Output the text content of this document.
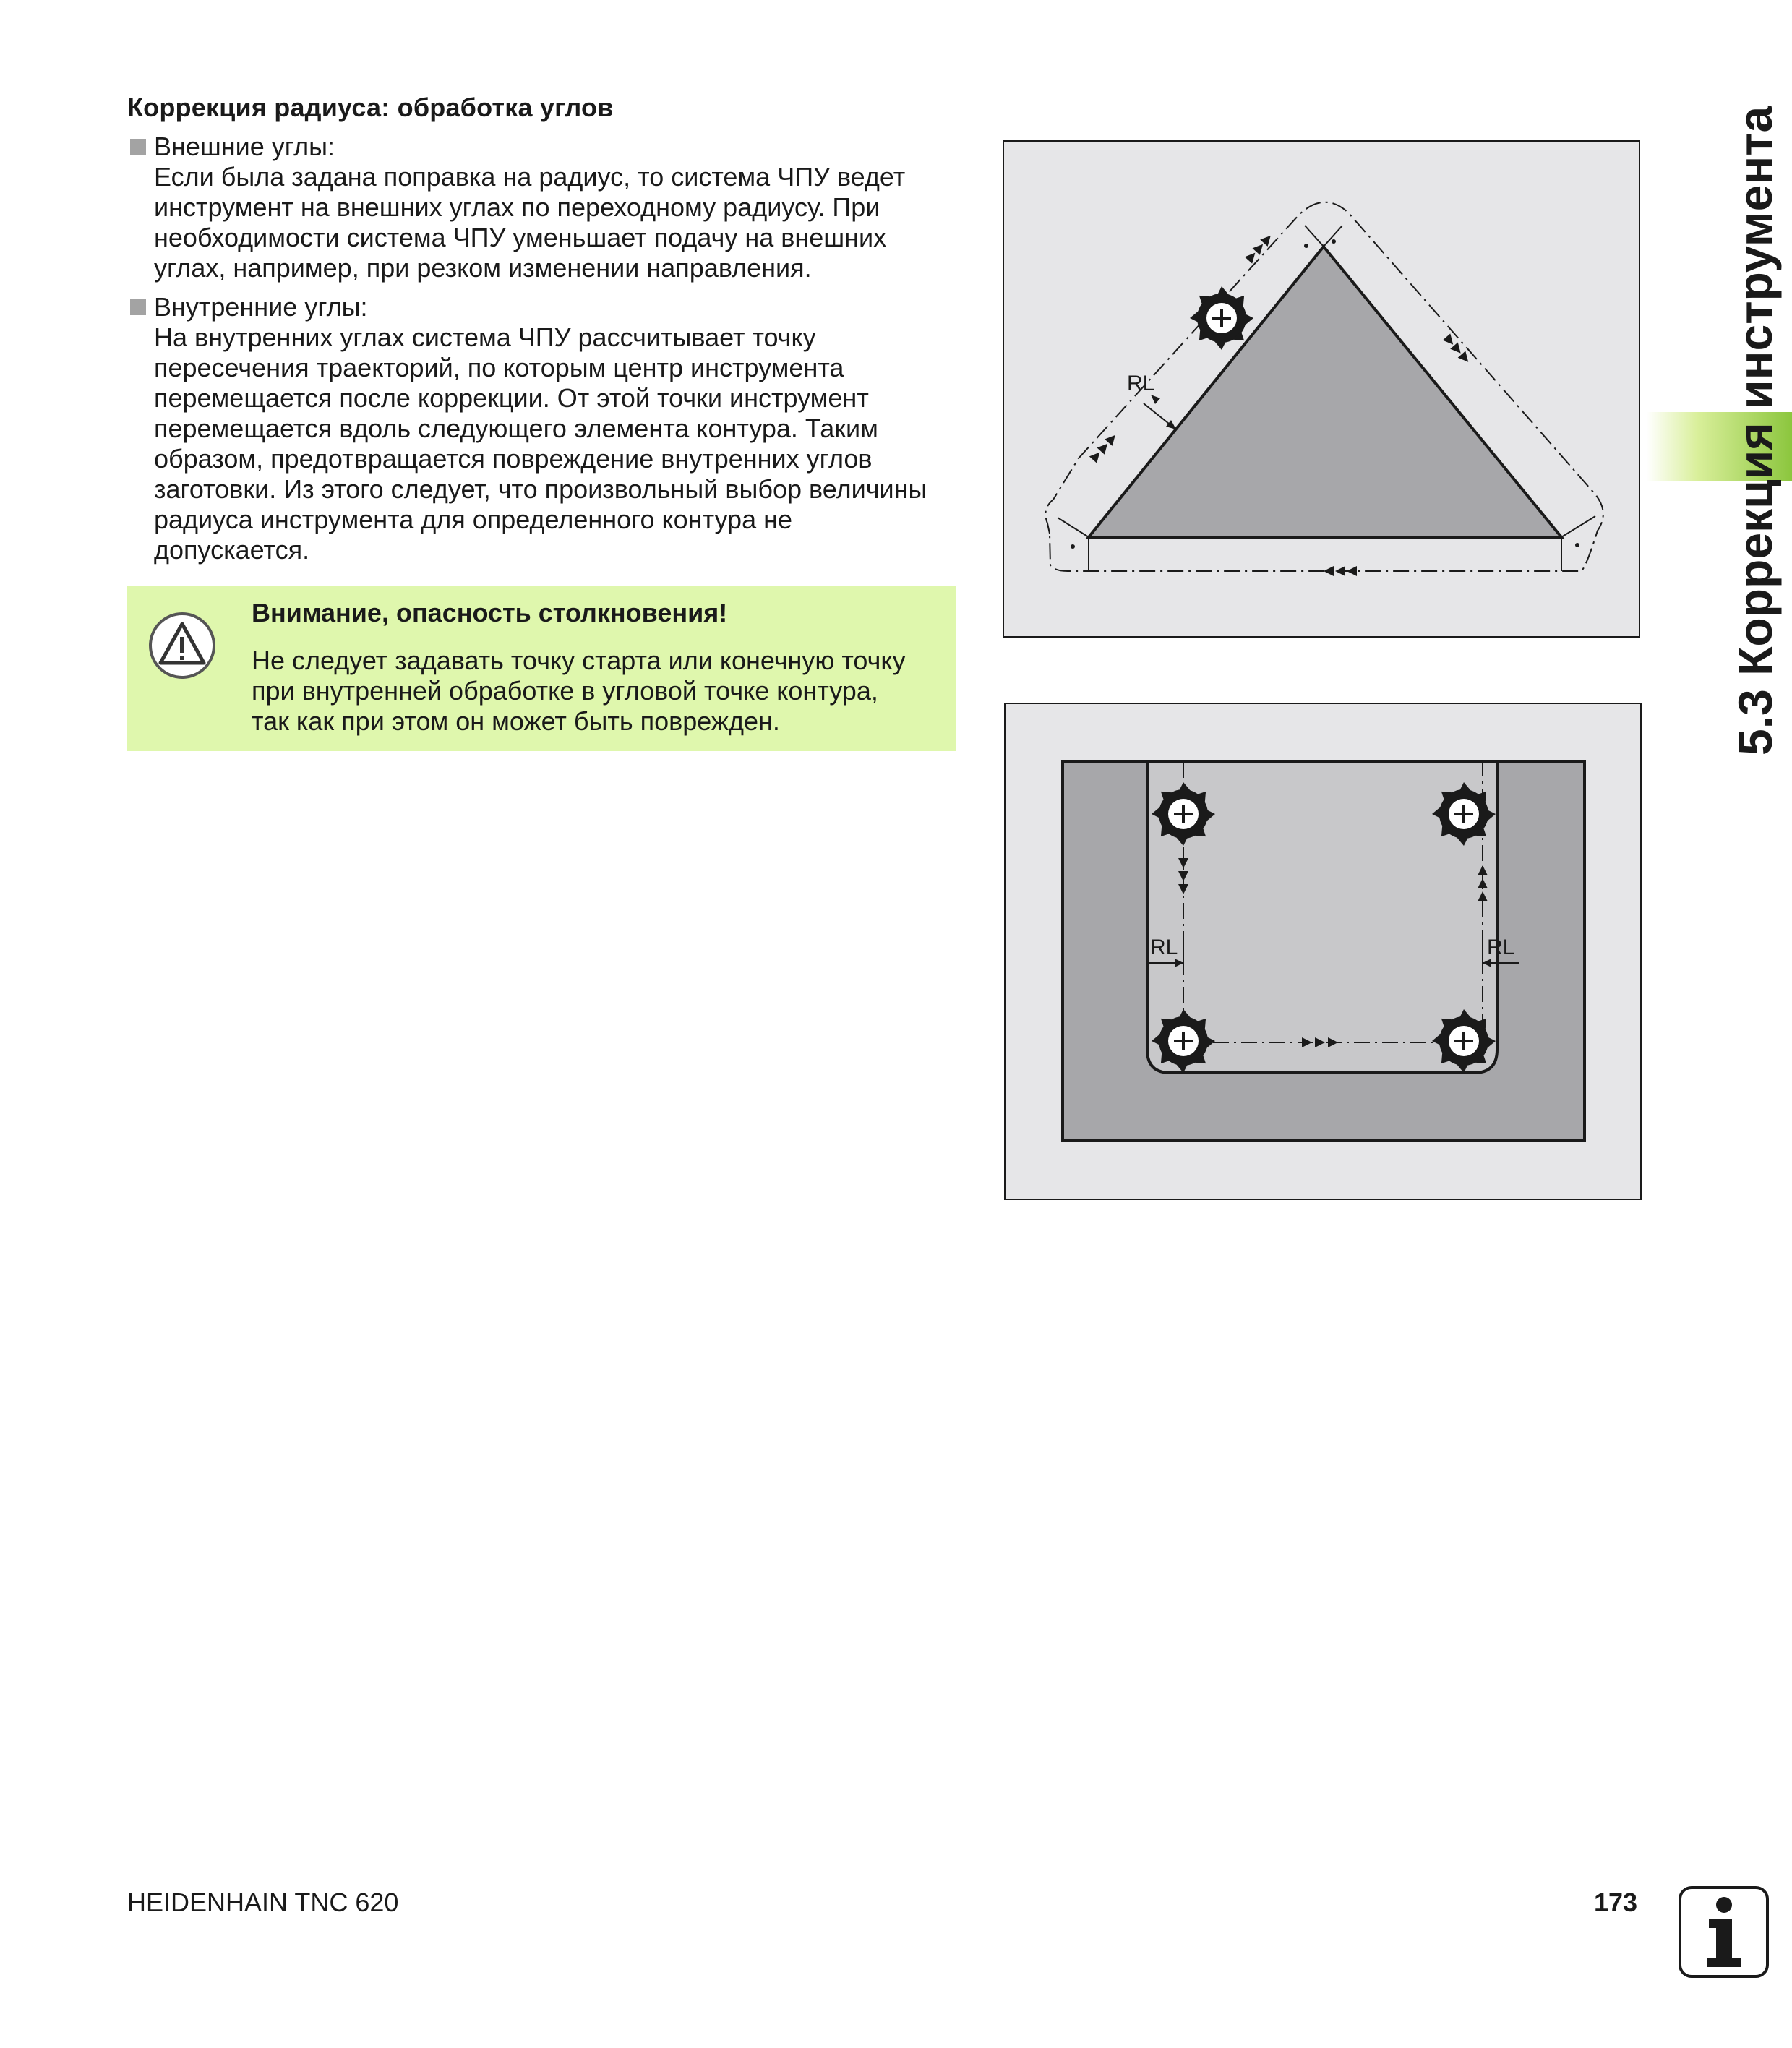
Коррекция радиуса: обработка углов
Внешние углы:
Если была задана поправка на радиус, то система ЧПУ ведет
инструмент на внешних углах по переходному радиусу. При
необходимости система ЧПУ уменьшает подачу на внешних
углах, например, при резком изменении направления.
Внутренние углы:
На внутренних углах система ЧПУ рассчитывает точку
пересечения траекторий, по которым центр инструмента
перемещается после коррекции. От этой точки инструмент
перемещается вдоль следующего элемента контура. Таким
образом, предотвращается повреждение внутренних углов
заготовки. Из этого следует, что произвольный выбор величины
радиуса инструмента для определенного контура не
допускается.
Внимание, опасность столкновения!
Не следует задавать точку старта или конечную точку
при внутренней обработке в угловой точке контура,
так как при этом он может быть поврежден.
RL
RL	RL
5.3 Коррекция инструмента
HEIDENHAIN TNC 620	173
